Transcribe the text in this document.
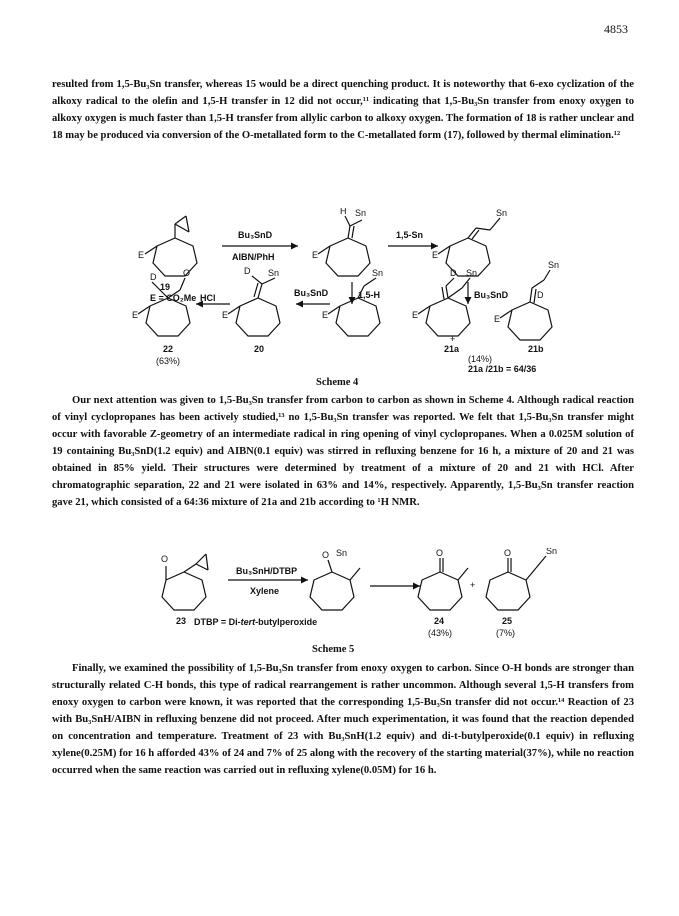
4853

resulted from 1,5-Bu₃Sn transfer, whereas 15 would be a direct quenching product. It is noteworthy that 6-exo cyclization of the alkoxy radical to the olefin and 1,5-H transfer in 12 did not occur,¹¹ indicating that 1,5-Bu₃Sn transfer from enoxy oxygen to alkoxy oxygen is much faster than 1,5-H transfer from allylic carbon to alkoxy oxygen. The formation of 18 is rather unclear and 18 may be produced via conversion of the O-metallated form to the C-metallated form (17), followed by thermal elimination.¹²

E
19
E = CO₂Me
Bu₃SnD
AIBN/PhH	E
H Sn
1,5-Sn
E
Sn
1,5-H	Bu₃SnD
D	O
E
HCl
D Sn
E
Bu₃SnD
Sn
E
D Sn
E
+
D
Sn
E
22
(63%)
20	21a	21b
(14%)
21a /21b = 64/36
Scheme 4

Our next attention was given to 1,5-Bu₃Sn transfer from carbon to carbon as shown in Scheme 4. Although radical reaction of vinyl cyclopropanes has been actively studied,¹³ no 1,5-Bu₃Sn transfer was reported. We felt that 1,5-Bu₃Sn transfer might occur with favorable Z-geometry of an intermediate radical in ring opening of vinyl cyclopropanes. When a 0.025M solution of 19 containing Bu₃SnD(1.2 equiv) and AIBN(0.1 equiv) was stirred in refluxing benzene for 16 h, a mixture of 20 and 21 was obtained in 85% yield. Their structures were determined by treatment of a mixture of 20 and 21 with HCl. After chromatographic separation, 22 and 21 were isolated in 63% and 14%, respectively. Apparently, 1,5-Bu₃Sn transfer reaction gave 21, which consisted of a 64:36 mixture of 21a and 21b according to ¹H NMR.

O
Bu₃SnH/DTBP
Xylene
O Sn	O
+
O	Sn
23	24
(43%)
25
(7%)
DTBP = Di-tert-butylperoxide
Scheme 5

Finally, we examined the possibility of 1,5-Bu₃Sn transfer from enoxy oxygen to carbon. Since O-H bonds are stronger than structurally related C-H bonds, this type of radical rearrangement is rather uncommon. Although several 1,5-H transfers from enoxy oxygen to carbon were known, it was reported that the corresponding 1,5-Bu₃Sn transfer did not occur.¹⁴ Reaction of 23 with Bu₃SnH/AIBN in refluxing benzene did not proceed. After much experimentation, it was found that the reaction depended on concentration and temperature. Treatment of 23 with Bu₃SnH(1.2 equiv) and di-t-butylperoxide(0.1 equiv) in refluxing xylene(0.25M) for 16 h afforded 43% of 24 and 7% of 25 along with the recovery of the starting material(37%), while no reaction occurred when the same reaction was carried out in refluxing xylene(0.05M) for 16 h.
